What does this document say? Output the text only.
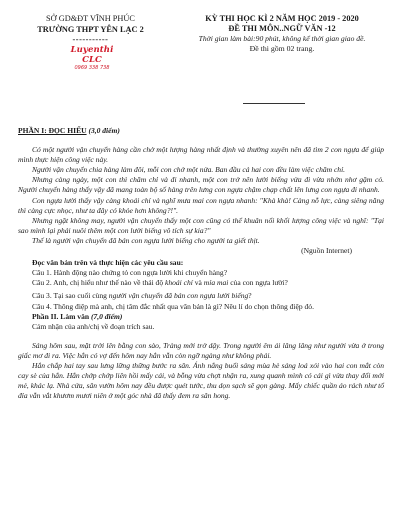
SỞ GD&ĐT VĨNH PHÚC
TRƯỜNG THPT YÊN LẠC 2
-----------
Luyenthi CLC
0969 338 738
KỲ THI HỌC KÌ 2 NĂM HỌC 2019 - 2020
ĐỀ THI MÔN..NGỮ VĂN -12
Thời gian làm bài:90 phút, không kể thời gian giao đề.
Đề thi gồm 02 trang.

PHẦN I: ĐỌC HIỂU (3,0 điểm)

Có một người vận chuyển hàng cần chở một lượng hàng nhất định và thường xuyên nên đã tìm 2 con ngựa để giúp mình thực hiện công việc này.

Người vận chuyển chia hàng làm đôi, mỗi con chở một nửa. Ban đầu cả hai con đều làm việc chăm chỉ.

Nhưng càng ngày, một con thì chăm chỉ và đi nhanh, một con trở nên lười biếng vừa đi vừa nhởn nhơ gặm cỏ. Người chuyển hàng thấy vậy đã mang toàn bộ số hàng trên lưng con ngựa chậm chạp chất lên lưng con ngựa đi nhanh.

Con ngựa lười thấy vậy càng khoái chí và nghĩ mưa mai con ngựa nhanh: "Khà khà! Càng nỗ lực, càng siêng năng thì càng cực nhọc, như ta đây có khỏe hơn không?!".

Nhưng ngặt không may, người vận chuyển thấy một con cũng có thể khuân nổi khối lượng công việc và nghĩ: "Tại sao mình lại phải nuôi thêm một con lười biếng vô tích sự kia?"

Thế là người vận chuyển đã bán con ngựa lười biếng cho người ta giết thịt.

(Nguồn Internet)

Đọc văn bản trên và thực hiện các yêu cầu sau:

Câu 1. Hành động nào chứng tỏ con ngựa lười khi chuyển hàng?

Câu 2. Anh, chị hiểu như thế nào về thái độ khoái chí và mỉa mai của con ngựa lười?

Câu 3. Tại sao cuối cùng người vận chuyển đã bán con ngựa lười biếng?

Câu 4. Thông điệp mà anh, chị tâm đắc nhất qua văn bản là gì? Nêu lí do chọn thông điệp đó.

Phần II. Làm văn (7,0 điểm)

Cảm nhận của anh/chị về đoạn trích sau.

Sáng hôm sau, mặt trời lên bằng con sào, Tràng mới trở dậy. Trong người êm ái lâng lâng như người vừa ở trong giấc mơ đi ra. Việc hắn có vợ đến hôm nay hắn vẫn còn ngỡ ngàng như không phải.

Hắn chắp hai tay sau lưng lững thững bước ra sân. Ánh nắng buổi sáng mùa hè sáng loá xói vào hai con mắt còn cay sè của hắn. Hắn chớp chớp liên hồi mấy cái, và bỗng vừa chợt nhận ra, xung quanh mình có cái gì vừa thay đổi mới mẻ, khác lạ. Nhà cửa, sân vườn hôm nay đều được quét tước, thu dọn sạch sẽ gọn gàng. Mấy chiếc quần áo rách như tổ đỉa vẫn vắt khươm mươi niên ở một góc nhà đã thấy đem ra sân hong.
